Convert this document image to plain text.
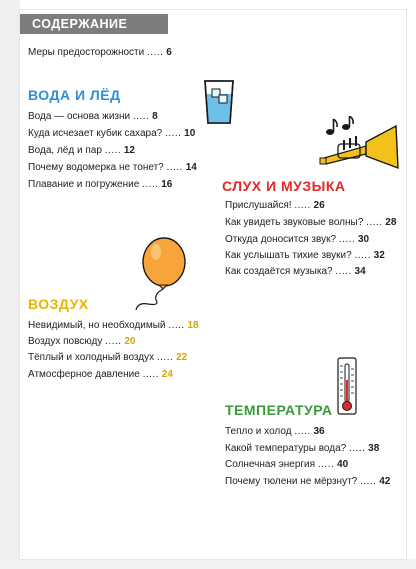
СОДЕРЖАНИЕ
Меры предосторожности ..... 6
ВОДА И ЛЁД
Вода — основа жизни ..... 8
Куда исчезает кубик сахара? ..... 10
Вода, лёд и пар ..... 12
Почему водомерка не тонет? ..... 14
Плавание и погружение ..... 16	СЛУХ И МУЗЫКА
Прислушайся! ..... 26
Как увидеть звуковые волны? ..... 28
Откуда доносится звук? ..... 30
Как услышать тихие звуки? ..... 32
Как создаётся музыка? ..... 34
ВОЗДУХ
Невидимый, но необходимый ..... 18
Воздух повсюду ..... 20
Тёплый и холодный воздух ..... 22
Атмосферное давление ..... 24
ТЕМПЕРАТУРА
Тепло и холод ..... 36
Какой температуры вода? ..... 38
Солнечная энергия ..... 40
Почему тюлени не мёрзнут? ..... 42
